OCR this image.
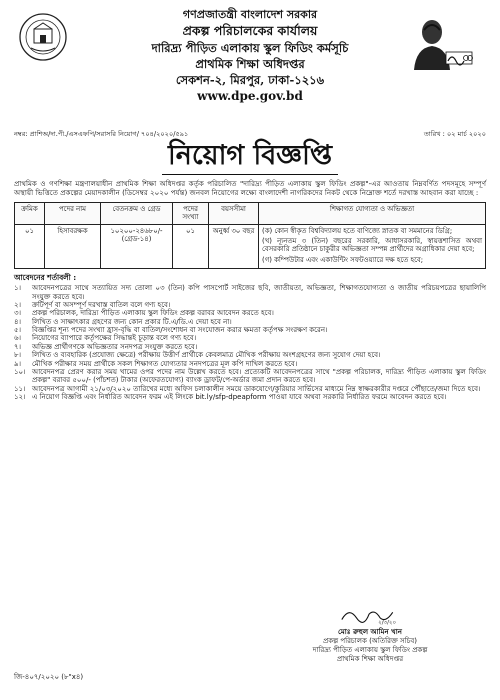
গণপ্রজাতন্ত্রী বাংলাদেশ সরকার
প্রকল্প পরিচালকের কার্যালয়
দারিদ্র্য পীড়িত এলাকায় স্কুল ফিডিং কর্মসূচি
প্রাথমিক শিক্ষা অধিদপ্তর
সেকশন-২, মিরপুর, ঢাকা-১২১৬
www.dpe.gov.bd
নম্বর: প্রাশিঅ/দা.পী./এসএফপি/সরাসরি নিয়োগ/ ৭০৪/২০২০/৫৯১	তারিখ : ০২ মার্চ ২০২০
নিয়োগ বিজ্ঞপ্তি

প্রাথমিক ও গণশিক্ষা মন্ত্রণালয়াধীন প্রাথমিক শিক্ষা অধিদপ্তর কর্তৃক পরিচালিত "দারিদ্র্য পীড়িত এলাকায় স্কুল ফিডিং প্রকল্প"-এর আওতায় নিম্নবর্ণিত পদসমূহে সম্পূর্ণ অস্থায়ী ভিত্তিতে প্রকল্পের মেয়াদকালীন (ডিসেম্বর ২০২০ পর্যন্ত) জনবল নিয়োগের লক্ষ্যে বাংলাদেশী নাগরিকদের নিকট থেকে নিম্নোক্ত শর্তে দরখাস্ত আহবান করা যাচ্ছে :

ক্রমিক	পদের নাম	বেতনক্রম ও গ্রেড	পদের সংখ্যা	বয়সসীমা	শিক্ষাগত যোগ্যতা ও অভিজ্ঞতা
০১	হিসাবরক্ষক	১০২০০-২৪৬৮০/- (গ্রেড-১৪)	০১	অনুর্ধ্ব ৩০ বছর	(ক) কোন স্বীকৃত বিশ্ববিদ্যালয় হতে বাণিজ্যে স্নাতক বা সমমানের ডিগ্রি;
(খ) ন্যূনতম ৩ (তিন) বছরের সরকারি, আধাসরকারি, স্বায়ত্তশাসিত অথবা বেসরকারি প্রতিষ্ঠানে চাকুরীর অভিজ্ঞতা সম্পন্ন প্রার্থীদের অগ্রাধিকার দেয়া হবে;
(গ) কম্পিউটার এবং একাউন্টিং সফটওয়্যারে দক্ষ হতে হবে;
আবেদনের শর্তাবলী :
১।	আবেদনপত্রের সাথে সত্যায়িত সদ্য তোলা ০৩ (তিন) কপি পাসপোর্ট সাইজের ছবি, জাতীয়তা, অভিজ্ঞতা, শিক্ষাগতযোগ্যতা ও জাতীয় পরিচয়পত্রের ছায়ালিপি সংযুক্ত করতে হবে।
২।	ক্রটিপূর্ণ বা অসম্পূর্ণ দরখাস্ত বাতিল বলে গণ্য হবে।
৩।	প্রকল্প পরিচালক, দারিদ্র্য পীড়িত এলাকায় স্কুল ফিডিং প্রকল্প বরাবর আবেদন করতে হবে।
৪।	লিখিত ও সাক্ষাৎকার গ্রহণের জন্য কোন প্রকার টি.এ/ডি.এ দেয়া হবে না।
৫।	বিজ্ঞপ্তির শূন্য পদের সংখ্যা হ্রাস-বৃদ্ধি বা বাতিল/সংশোধন বা সংযোজন করার ক্ষমতা কর্তৃপক্ষ সংরক্ষণ করেন।
৬।	নিয়োগের ব্যাপারে কর্তৃপক্ষের সিদ্ধান্তই চূড়ান্ত বলে গণ্য হবে।
৭।	অভিজ্ঞ প্রার্থীগণকে অভিজ্ঞতার সনদপত্র সংযুক্ত করতে হবে।
৮।	লিখিত ও ব্যবহারিক (প্রযোজ্য ক্ষেত্রে) পরীক্ষায় উত্তীর্ণ প্রার্থীকে কেবলমাত্র মৌখিক পরীক্ষায় অংশগ্রহণের জন্য সুযোগ দেয়া হবে।
৯।	মৌখিক পরীক্ষার সময় প্রার্থীকে সকল শিক্ষাগত যোগ্যতার সনদপত্রের মূল কপি দাখিল করতে হবে।
১০। আবেদনপত্র প্রেরণ করার সময় খামের ওপর পদের নাম উল্লেখ করতে হবে। প্রত্যেকটি আবেদনপত্রের সাথে "প্রকল্প পরিচালক, দারিদ্র্য পীড়িত এলাকায় স্কুল ফিডিং প্রকল্প" বরাবর ৫০০/- (পাঁচশত) টাকার (অফেরতযোগ্য) ব্যাংক ড্রাফট/পে-অর্ডার জমা প্রদান করতে হবে।
১১। আবেদনপত্র আগামী ২১/০৩/২০২০ তারিখের মধ্যে অফিস চলাকালীন সময়ে ডাকযোগে/কুরিয়ার সার্ভিসের মাধ্যমে নিম্ন স্বাক্ষরকারীর দপ্তরে পৌঁছাতে/জমা দিতে হবে।
১২। এ নিয়োগ বিজ্ঞপ্তি এবং নির্ধারিত আবেদন ফরম এই লিংকে bit.ly/sfp-dpeapform পাওয়া যাবে অথবা সরকারি নির্ধারিত ফরমে আবেদন করতে হবে।
২/৩/২০
মোঃ রুহুল আমিন খান
প্রকল্প পরিচালক (অতিরিক্ত সচিব)
দারিদ্র্য পীড়িত এলাকায় স্কুল ফিডিং প্রকল্প
প্রাথমিক শিক্ষা অধিদপ্তর
জি-৪০৭/২০২০ (৮"x৪)
